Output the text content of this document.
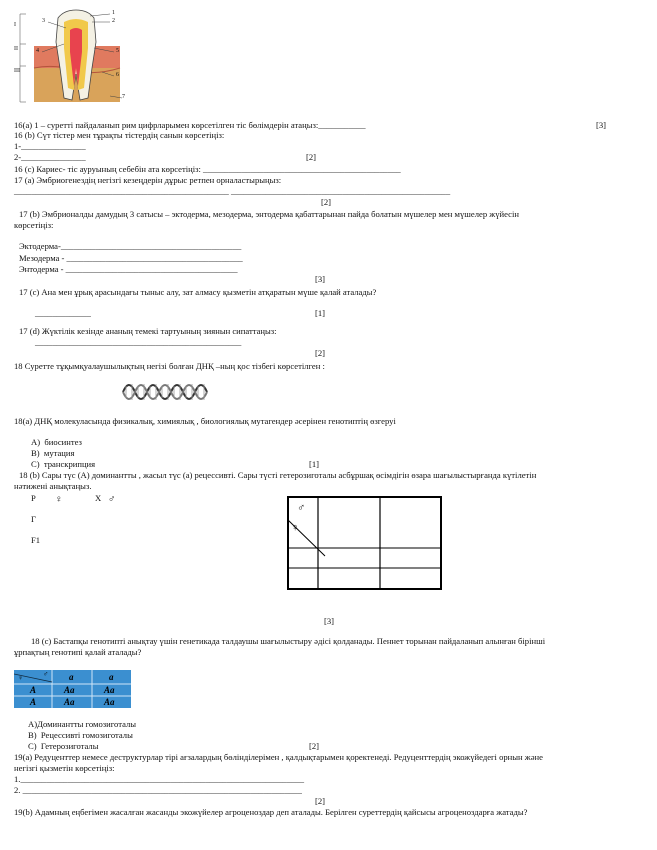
I
II
III
1
2
3
4	5
6
7
16(a) 1 – суретті пайдаланып рим цифрларымен көрсетілген тіс бөлімдерін атаңыз:___________	[3]
16 (b) Сүт тістер мен тұрақты тістердің санын көрсетіңіз:
1-_______________
2-_______________	[2]
16 (c) Кариес- тіс ауруының себебін ата көрсетіңіз: ______________________________________________
17 (a) Эмбриогенездің негізгі кезеңдерін дұрыс ретпен орналастырыңыз:
__________________________________________________ ___________________________________________________
[2]
17 (b) Эмбрионалды дамудың 3 сатысы – эктодерма, мезодерма, энтодерма қабаттарынан пайда болатын мүшелер мен мүшелер жүйесін
көрсетіңіз:
Эктодерма-__________________________________________
Мезодерма - _________________________________________
Энтодерма - ________________________________________
[3]
17 (c) Ана мен ұрық арасындағы тыныс алу, зат алмасу қызметін атқаратын мүше қалай аталады?
_____________	[1]
17 (d) Жүктілік кезінде ананың темекі тартуының зиянын сипаттаңыз:
________________________________________________
[2]
18 Суретте тұқымқуалаушылықтың негізі болған ДНҚ –ның қос тізбегі көрсетілген :
18(a) ДНҚ молекуласында физикалық, химиялық , биологиялық мутагендер әсерінен генотиптің өзгеруі
A) биосинтез
B) мутация
C) транскрипция	[1]
18 (b) Сары түс (А) доминантты , жасыл түс (а) рецессивті. Сары түсті гетерозиготалы асбұршақ өсімдігін өзара шағылыстырғанда күтілетін
нәтижені анықтаңыз.
P ♀	X ♂
Г
F1
♂
♀
[3]
18 (c) Бастапқы генотипті анықтау үшін генетикада талдаушы шағылыстыру әдісі қолданады. Пеннет торынан пайдаланып алынған бірінші
ұрпақтың генотипі қалай аталады?
♀	♂ a	a
A	Aa	Aa
A	Aa	Aa
A)Доминантты гомозиготалы
B) Рецессивті гомозиготалы
C) Гетерозиготалы	[2]
19(a) Редуценттер немесе деструктурлар тірі ағзалардың бөліндiлерімен , қалдықтарымен қоректенеді. Редуценттердің экожүйедегі орнын және
негізгі қызметін көрсетіңіз:
1.__________________________________________________________________
2. _________________________________________________________________
[2]
19(b) Адамның еңбегімен жасалған жасанды экожүйелер агроценоздар деп аталады. Берілген суреттердің қайсысы агроценоздарға жатады?
